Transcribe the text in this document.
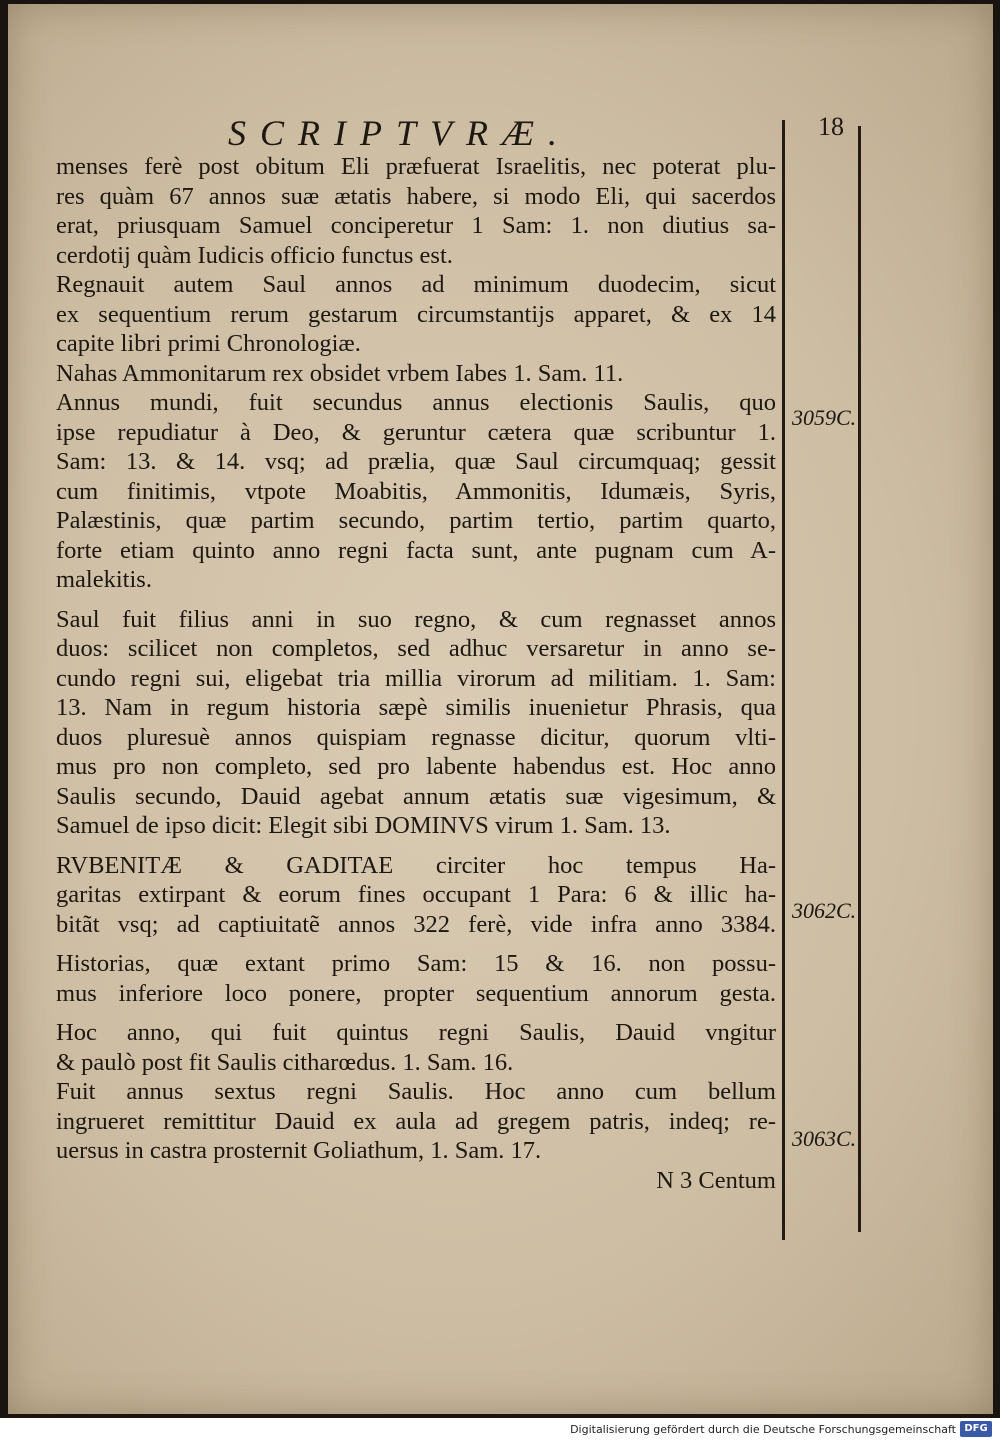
SCRIPTVRÆ.	18
menses ferè post obitum Eli præfuerat Israelitis, nec poterat plu-
res quàm 67 annos suæ ætatis habere, si modo Eli, qui sacerdos
erat, priusquam Samuel conciperetur 1 Sam: 1. non diutius sa-
cerdotij quàm Iudicis officio functus est.
Regnauit autem Saul annos ad minimum duodecim, sicut
ex sequentium rerum gestarum circumstantijs apparet, & ex 14
capite libri primi Chronologiæ.
Nahas Ammonitarum rex obsidet vrbem Iabes 1. Sam. 11.
Annus mundi, fuit secundus annus electionis Saulis, quo
ipse repudiatur à Deo, & geruntur cætera quæ scribuntur 1.
Sam: 13. & 14. vsq; ad prælia, quæ Saul circumquaq; gessit
cum finitimis, vtpote Moabitis, Ammonitis, Idumæis, Syris,
Palæstinis, quæ partim secundo, partim tertio, partim quarto,
forte etiam quinto anno regni facta sunt, ante pugnam cum A-
malekitis.
Saul fuit filius anni in suo regno, & cum regnasset annos
duos: scilicet non completos, sed adhuc versaretur in anno se-
cundo regni sui, eligebat tria millia virorum ad militiam. 1. Sam:
13. Nam in regum historia sæpè similis inuenietur Phrasis, qua
duos pluresuè annos quispiam regnasse dicitur, quorum vlti-
mus pro non completo, sed pro labente habendus est. Hoc anno
Saulis secundo, Dauid agebat annum ætatis suæ vigesimum, &
Samuel de ipso dicit: Elegit sibi DOMINVS virum 1. Sam. 13.
RVBENITÆ & GADITAE circiter hoc tempus Ha-
garitas extirpant & eorum fines occupant 1 Para: 6 & illic ha-
bitãt vsq; ad captiuitatẽ annos 322 ferè, vide infra anno 3384.
Historias, quæ extant primo Sam: 15 & 16. non possu-
mus inferiore loco ponere, propter sequentium annorum gesta.
Hoc anno, qui fuit quintus regni Saulis, Dauid vngitur
& paulò post fit Saulis citharœdus. 1. Sam. 16.
Fuit annus sextus regni Saulis. Hoc anno cum bellum
ingrueret remittitur Dauid ex aula ad gregem patris, indeq; re-
uersus in castra prosternit Goliathum, 1. Sam. 17.
N 3 Centum
3059C.
3062C.
3063C.
Digitalisierung gefördert durch die Deutsche Forschungsgemeinschaft DFG
